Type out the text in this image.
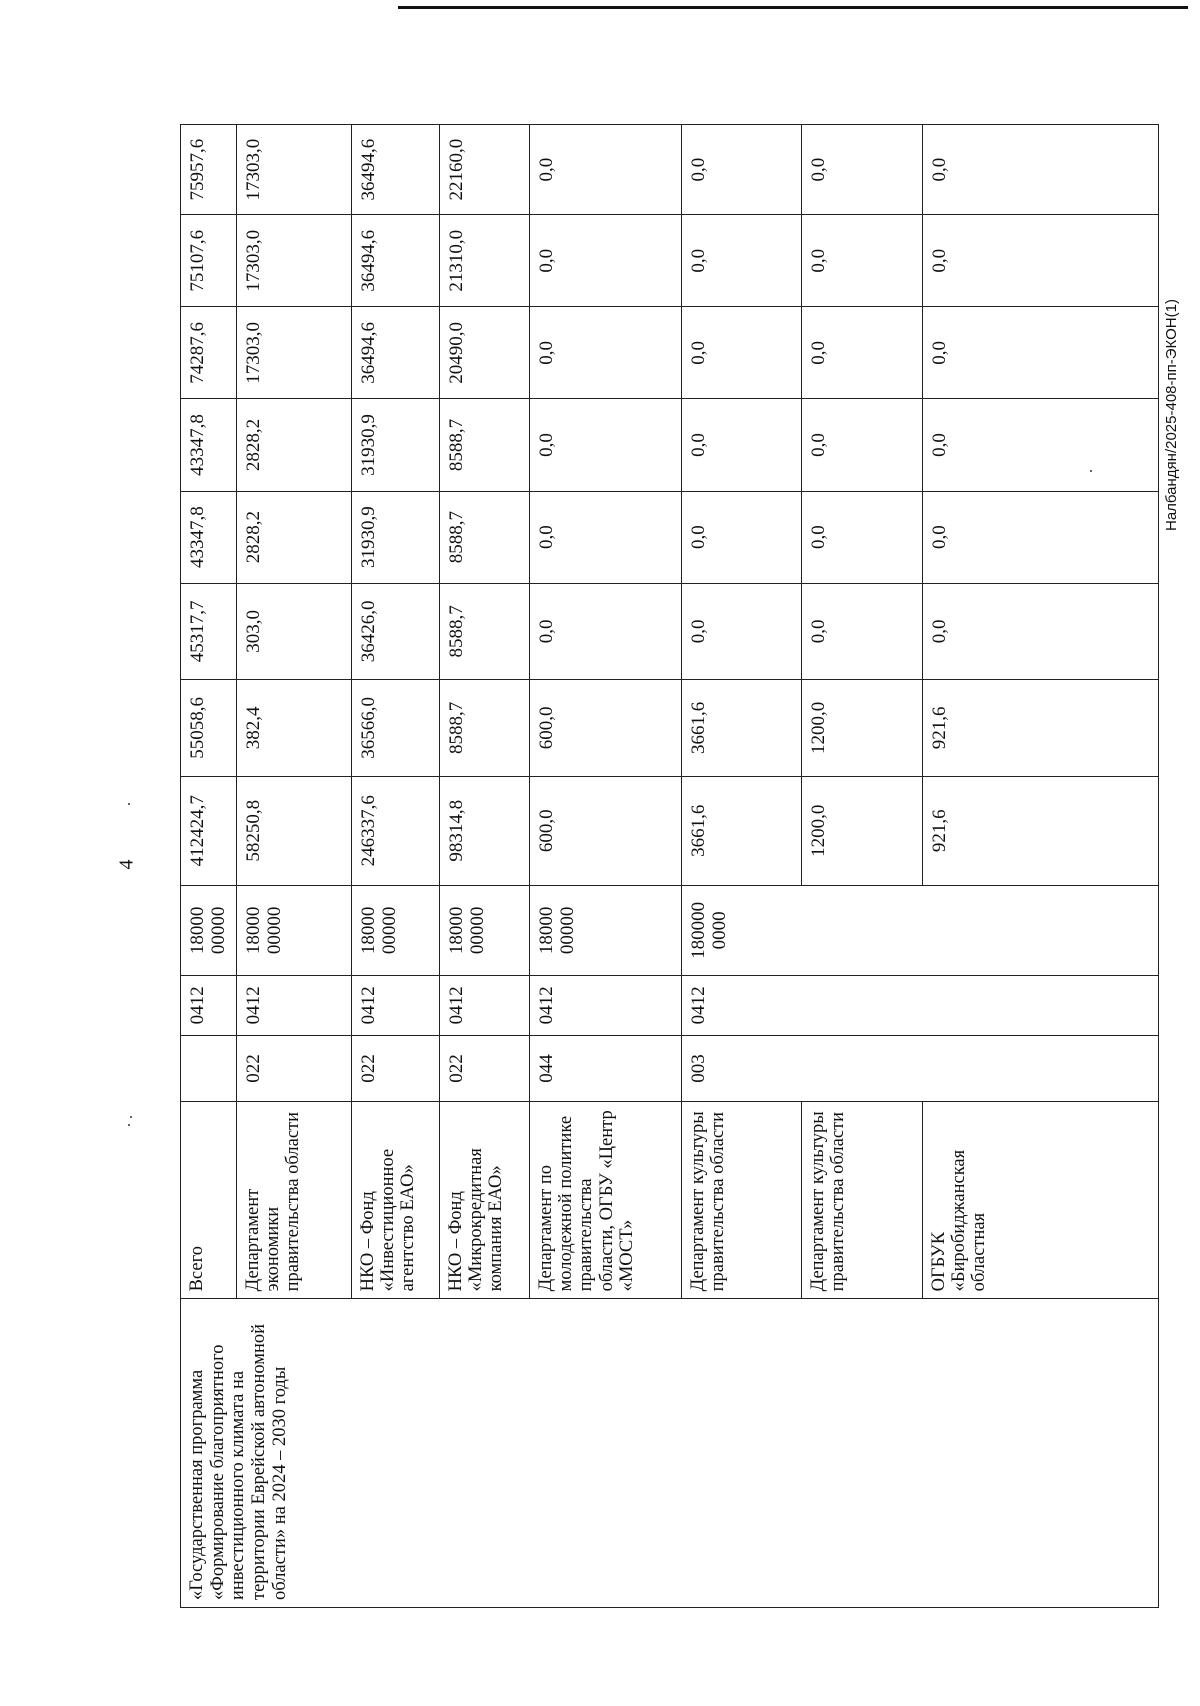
4
Налбандян/2025-408-пп-ЭКОН(1)
«Государственная программа «Формирование благоприятного инвестиционного климата на территории Еврейской автономной области» на 2024 – 2030 годы	Всего		0412	18000 00000	412424,7	55058,6	45317,7	43347,8	43347,8	74287,6	75107,6	75957,6
	Департамент экономики правительства области	022	0412	18000 00000	58250,8	382,4	303,0	2828,2	2828,2	17303,0	17303,0	17303,0
	НКО – Фонд «Инвестиционное агентство ЕАО»	022	0412	18000 00000	246337,6	36566,0	36426,0	31930,9	31930,9	36494,6	36494,6	36494,6
	НКО – Фонд «Микрокредитная компания ЕАО»	022	0412	18000 00000	98314,8	8588,7	8588,7	8588,7	8588,7	20490,0	21310,0	22160,0
	Департамент по молодежной политике правительства области, ОГБУ «Центр «МОСТ»	044	0412	18000 00000	600,0	600,0	0,0	0,0	0,0	0,0	0,0	0,0
	Департамент культуры правительства области	003	0412	180000 0000	3661,6	3661,6	0,0	0,0	0,0	0,0	0,0	0,0
	Департамент культуры правительства области				1200,0	1200,0	0,0	0,0	0,0	0,0	0,0	0,0
	ОГБУК «Биробиджанская областная				921,6	921,6	0,0	0,0	0,0	0,0	0,0	0,0
